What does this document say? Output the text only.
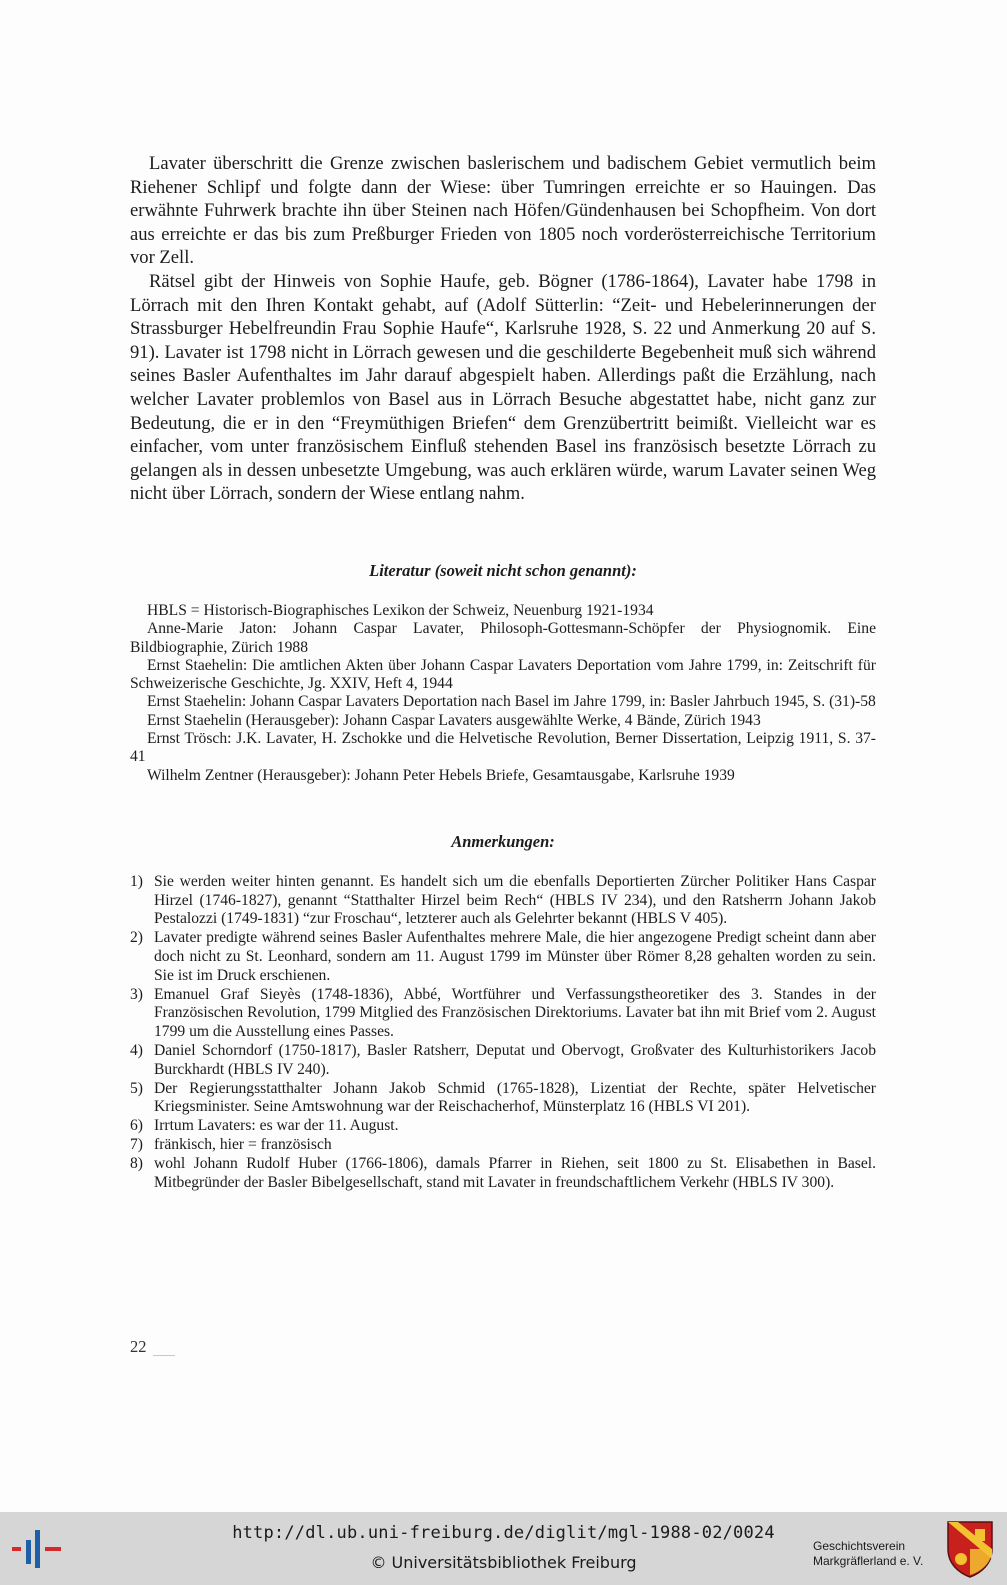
Lavater überschritt die Grenze zwischen baslerischem und badischem Gebiet vermutlich beim Riehener Schlipf und folgte dann der Wiese: über Tumringen erreichte er so Hauingen. Das erwähnte Fuhrwerk brachte ihn über Steinen nach Höfen/Gündenhausen bei Schopfheim. Von dort aus erreichte er das bis zum Preßburger Frieden von 1805 noch vorderösterreichische Territorium vor Zell.

Rätsel gibt der Hinweis von Sophie Haufe, geb. Bögner (1786-1864), Lavater habe 1798 in Lörrach mit den Ihren Kontakt gehabt, auf (Adolf Sütterlin: “Zeit- und Hebelerinnerungen der Strassburger Hebelfreundin Frau Sophie Haufe“, Karlsruhe 1928, S. 22 und Anmerkung 20 auf S. 91). Lavater ist 1798 nicht in Lörrach gewesen und die geschilderte Begebenheit muß sich während seines Basler Aufenthaltes im Jahr darauf abgespielt haben. Allerdings paßt die Erzählung, nach welcher Lavater problemlos von Basel aus in Lörrach Besuche abgestattet habe, nicht ganz zur Bedeutung, die er in den “Freymüthigen Briefen“ dem Grenzübertritt beimißt. Vielleicht war es einfacher, vom unter französischem Einfluß stehenden Basel ins französisch besetzte Lörrach zu gelangen als in dessen unbesetzte Umgebung, was auch erklären würde, warum Lavater seinen Weg nicht über Lörrach, sondern der Wiese entlang nahm.

Literatur (soweit nicht schon genannt):
HBLS = Historisch-Biographisches Lexikon der Schweiz, Neuenburg 1921-1934
Anne-Marie Jaton: Johann Caspar Lavater, Philosoph-Gottesmann-Schöpfer der Physiognomik. Eine Bildbiographie, Zürich 1988
Ernst Staehelin: Die amtlichen Akten über Johann Caspar Lavaters Deportation vom Jahre 1799, in: Zeitschrift für Schweizerische Geschichte, Jg. XXIV, Heft 4, 1944
Ernst Staehelin: Johann Caspar Lavaters Deportation nach Basel im Jahre 1799, in: Basler Jahrbuch 1945, S. (31)-58
Ernst Staehelin (Herausgeber): Johann Caspar Lavaters ausgewählte Werke, 4 Bände, Zürich 1943
Ernst Trösch: J.K. Lavater, H. Zschokke und die Helvetische Revolution, Berner Dissertation, Leipzig 1911, S. 37-41
Wilhelm Zentner (Herausgeber): Johann Peter Hebels Briefe, Gesamtausgabe, Karlsruhe 1939
Anmerkungen:
1) Sie werden weiter hinten genannt. Es handelt sich um die ebenfalls Deportierten Zürcher Politiker Hans Caspar Hirzel (1746-1827), genannt “Statthalter Hirzel beim Rech“ (HBLS IV 234), und den Ratsherrn Johann Jakob Pestalozzi (1749-1831) “zur Froschau“, letzterer auch als Gelehrter bekannt (HBLS V 405).
2) Lavater predigte während seines Basler Aufenthaltes mehrere Male, die hier angezogene Predigt scheint dann aber doch nicht zu St. Leonhard, sondern am 11. August 1799 im Münster über Römer 8,28 gehalten worden zu sein. Sie ist im Druck erschienen.
3) Emanuel Graf Sieyès (1748-1836), Abbé, Wortführer und Verfassungstheoretiker des 3. Standes in der Französischen Revolution, 1799 Mitglied des Französischen Direktoriums. Lavater bat ihn mit Brief vom 2. August 1799 um die Ausstellung eines Passes.
4) Daniel Schorndorf (1750-1817), Basler Ratsherr, Deputat und Obervogt, Großvater des Kulturhistorikers Jacob Burckhardt (HBLS IV 240).
5) Der Regierungsstatthalter Johann Jakob Schmid (1765-1828), Lizentiat der Rechte, später Helvetischer Kriegsminister. Seine Amtswohnung war der Reischacherhof, Münsterplatz 16 (HBLS VI 201).
6) Irrtum Lavaters: es war der 11. August.
7) fränkisch, hier = französisch
8) wohl Johann Rudolf Huber (1766-1806), damals Pfarrer in Riehen, seit 1800 zu St. Elisabethen in Basel. Mitbegründer der Basler Bibelgesellschaft, stand mit Lavater in freundschaftlichem Verkehr (HBLS IV 300).
22
http://dl.ub.uni-freiburg.de/diglit/mgl-1988-02/0024
© Universitätsbibliothek Freiburg
Geschichtsverein
Markgräflerland e. V.
